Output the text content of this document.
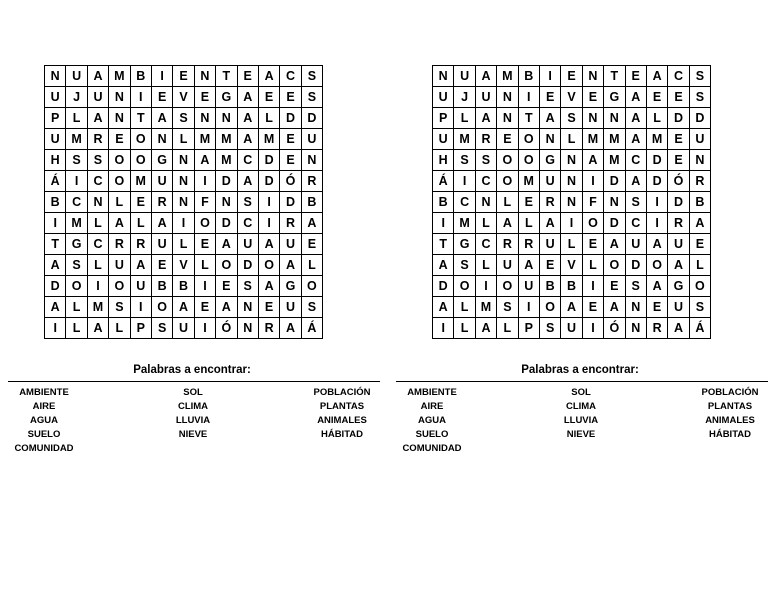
N	U	A	M	B	I	E	N	T	E	A	C	S
U	J	U	N	I	E	V	E	G	A	E	E	S
P	L	A	N	T	A	S	N	N	A	L	D	D
U	M	R	E	O	N	L	M	M	A	M	E	U
H	S	S	O	O	G	N	A	M	C	D	E	N
Á	I	C	O	M	U	N	I	D	A	D	Ó	R
B	C	N	L	E	R	N	F	N	S	I	D	B
I	M	L	A	L	A	I	O	D	C	I	R	A
T	G	C	R	R	U	L	E	A	U	A	U	E
A	S	L	U	A	E	V	L	O	D	O	A	L
D	O	I	O	U	B	B	I	E	S	A	G	O
A	L	M	S	I	O	A	E	A	N	E	U	S
I	L	A	L	P	S	U	I	Ó	N	R	A	Á
Palabras a encontrar:
AMBIENTE
AIRE
AGUA
SUELO
COMUNIDAD
SOL
CLIMA
LLUVIA
NIEVE
POBLACIÓN
PLANTAS
ANIMALES
HÁBITAD
N	U	A	M	B	I	E	N	T	E	A	C	S
U	J	U	N	I	E	V	E	G	A	E	E	S
P	L	A	N	T	A	S	N	N	A	L	D	D
U	M	R	E	O	N	L	M	M	A	M	E	U
H	S	S	O	O	G	N	A	M	C	D	E	N
Á	I	C	O	M	U	N	I	D	A	D	Ó	R
B	C	N	L	E	R	N	F	N	S	I	D	B
I	M	L	A	L	A	I	O	D	C	I	R	A
T	G	C	R	R	U	L	E	A	U	A	U	E
A	S	L	U	A	E	V	L	O	D	O	A	L
D	O	I	O	U	B	B	I	E	S	A	G	O
A	L	M	S	I	O	A	E	A	N	E	U	S
I	L	A	L	P	S	U	I	Ó	N	R	A	Á
Palabras a encontrar:
AMBIENTE
AIRE
AGUA
SUELO
COMUNIDAD
SOL
CLIMA
LLUVIA
NIEVE
POBLACIÓN
PLANTAS
ANIMALES
HÁBITAD
